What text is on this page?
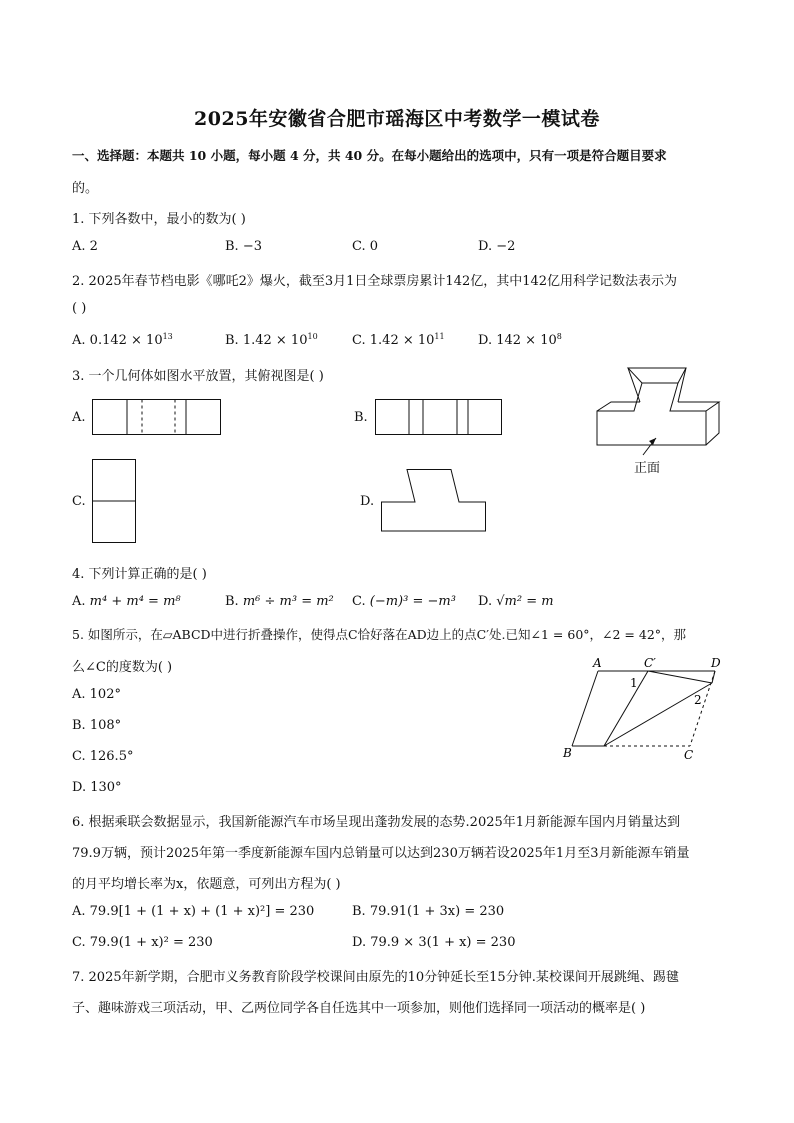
2025年安徽省合肥市瑶海区中考数学一模试卷
一、选择题：本题共 10 小题，每小题 4 分，共 40 分。在每小题给出的选项中，只有一项是符合题目要求
的。
1. 下列各数中，最小的数为( )
A. 2	B. −3	C. 0	D. −2
2. 2025年春节档电影《哪吒2》爆火，截至3月1日全球票房累计142亿，其中142亿用科学记数法表示为
( )
A. $0.142 \times 10^{13}$	B. $1.42 \times 10^{10}$	C. $1.42 \times 10^{11}$	D. $142 \times 10^8$
3. 一个几何体如图水平放置，其俯视图是( )
A.	B.
C.	D.
正面
4. 下列计算正确的是( )
A. m⁴ + m⁴ = m⁸	B. m⁶ ÷ m³ = m² C. (−m)³ = −m³ D. √m² = m
5. 如图所示，在▱ABCD中进行折叠操作，使得点C恰好落在AD边上的点C′处.已知∠1 = 60°，∠2 = 42°，那
么∠C的度数为( )
A. 102°
B. 108°
C. 126.5°
D. 130°
A	C′	D
B	C
1
2
6. 根据乘联会数据显示，我国新能源汽车市场呈现出蓬勃发展的态势.2025年1月新能源车国内月销量达到
79.9万辆，预计2025年第一季度新能源车国内总销量可以达到230万辆若设2025年1月至3月新能源车销量
的月平均增长率为x，依题意，可列出方程为( )
A. 79.9[1 + (1 + x) + (1 + x)²] = 230	B. 79.91(1 + 3x) = 230
C. 79.9(1 + x)² = 230	D. 79.9 × 3(1 + x) = 230
7. 2025年新学期，合肥市义务教育阶段学校课间由原先的10分钟延长至15分钟.某校课间开展跳绳、踢毽
子、趣味游戏三项活动，甲、乙两位同学各自任选其中一项参加，则他们选择同一项活动的概率是( )
